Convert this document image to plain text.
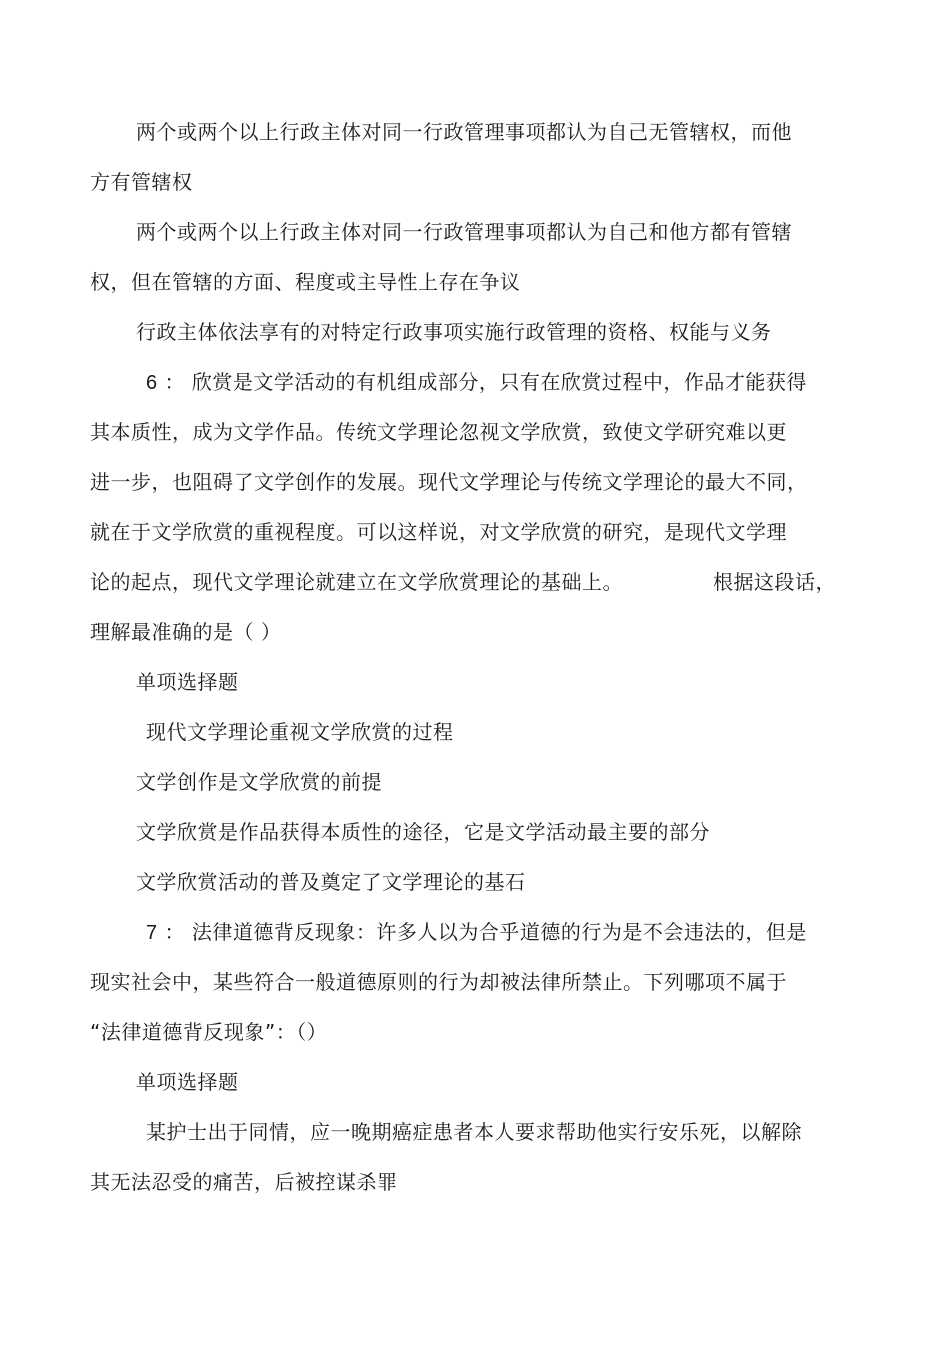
两个或两个以上行政主体对同一行政管理事项都认为自己无管辖权，而他
方有管辖权
两个或两个以上行政主体对同一行政管理事项都认为自己和他方都有管辖
权，但在管辖的方面、程度或主导性上存在争议
行政主体依法享有的对特定行政事项实施行政管理的资格、权能与义务
6 ： 欣赏是文学活动的有机组成部分，只有在欣赏过程中，作品才能获得
其本质性，成为文学作品。传统文学理论忽视文学欣赏，致使文学研究难以更
进一步，也阻碍了文学创作的发展。现代文学理论与传统文学理论的最大不同，
就在于文学欣赏的重视程度。可以这样说，对文学欣赏的研究，是现代文学理
论的起点，现代文学理论就建立在文学欣赏理论的基础上。	根据这段话，
理解最准确的是（ ）
单项选择题
现代文学理论重视文学欣赏的过程
文学创作是文学欣赏的前提
文学欣赏是作品获得本质性的途径，它是文学活动最主要的部分
文学欣赏活动的普及奠定了文学理论的基石
7 ： 法律道德背反现象：许多人以为合乎道德的行为是不会违法的，但是
现实社会中，某些符合一般道德原则的行为却被法律所禁止。下列哪项不属于
“法律道德背反现象”：（）
单项选择题
某护士出于同情，应一晚期癌症患者本人要求帮助他实行安乐死，以解除
其无法忍受的痛苦，后被控谋杀罪
